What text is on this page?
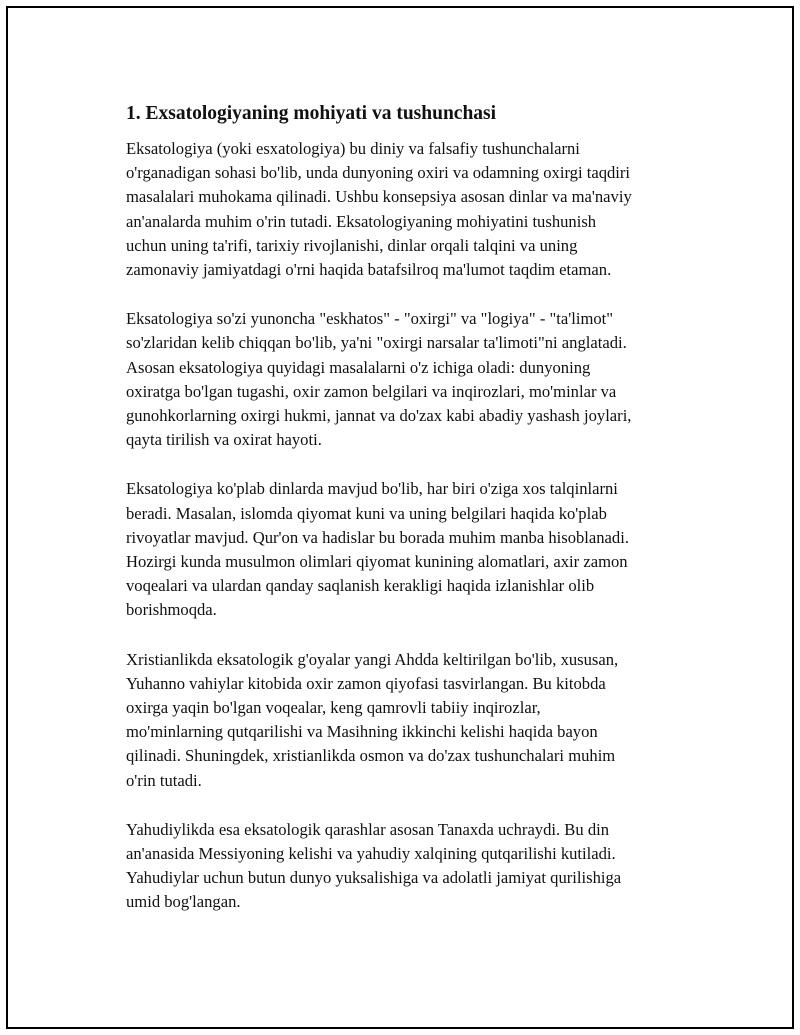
1. Exsatologiyaning mohiyati va tushunchasi

Eksatologiya (yoki esxatologiya) bu diniy va falsafiy tushunchalarni
o'rganadigan sohasi bo'lib, unda dunyoning oxiri va odamning oxirgi taqdiri
masalalari muhokama qilinadi. Ushbu konsepsiya asosan dinlar va ma'naviy
an'analarda muhim o'rin tutadi. Eksatologiyaning mohiyatini tushunish
uchun uning ta'rifi, tarixiy rivojlanishi, dinlar orqali talqini va uning
zamonaviy jamiyatdagi o'rni haqida batafsilroq ma'lumot taqdim etaman.

Eksatologiya so'zi yunoncha "eskhatos" - "oxirgi" va "logiya" - "ta'limot"
so'zlaridan kelib chiqqan bo'lib, ya'ni "oxirgi narsalar ta'limoti"ni anglatadi.
Asosan eksatologiya quyidagi masalalarni o'z ichiga oladi: dunyoning
oxiratga bo'lgan tugashi, oxir zamon belgilari va inqirozlari, mo'minlar va
gunohkorlarning oxirgi hukmi, jannat va do'zax kabi abadiy yashash joylari,
qayta tirilish va oxirat hayoti.

Eksatologiya ko'plab dinlarda mavjud bo'lib, har biri o'ziga xos talqinlarni
beradi. Masalan, islomda qiyomat kuni va uning belgilari haqida ko'plab
rivoyatlar mavjud. Qur'on va hadislar bu borada muhim manba hisoblanadi.
Hozirgi kunda musulmon olimlari qiyomat kunining alomatlari, axir zamon
voqealari va ulardan qanday saqlanish kerakligi haqida izlanishlar olib
borishmoqda.

Xristianlikda eksatologik g'oyalar yangi Ahdda keltirilgan bo'lib, xususan,
Yuhanno vahiylar kitobida oxir zamon qiyofasi tasvirlangan. Bu kitobda
oxirga yaqin bo'lgan voqealar, keng qamrovli tabiiy inqirozlar,
mo'minlarning qutqarilishi va Masihning ikkinchi kelishi haqida bayon
qilinadi. Shuningdek, xristianlikda osmon va do'zax tushunchalari muhim
o'rin tutadi.

Yahudiylikda esa eksatologik qarashlar asosan Tanaxda uchraydi. Bu din
an'anasida Messiyoning kelishi va yahudiy xalqining qutqarilishi kutiladi.
Yahudiylar uchun butun dunyo yuksalishiga va adolatli jamiyat qurilishiga
umid bog'langan.
